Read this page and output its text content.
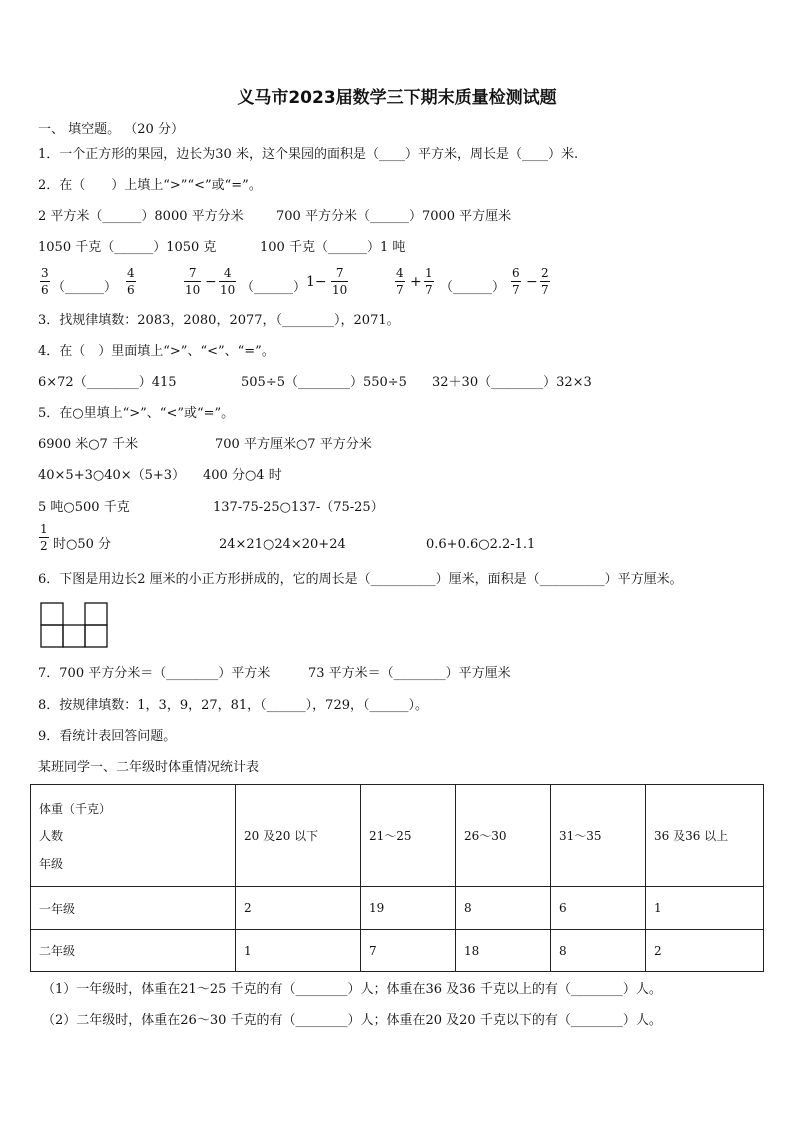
义马市2023届数学三下期末质量检测试题
一、 填空题。 （20 分）
1．一个正方形的果园，边长为30 米，这个果园的面积是（____）平方米，周长是（____）米.
2．在（　　）上填上“>”“<”或“=”。
2 平方米（______）8000 平方分米 700 平方分米（______）7000 平方厘米
1050 千克（______）1050 克	100 千克（______）1 吨
3
6 （______）
4
6
7
10 −
4
10 （______） 1−
7
10
4
7 +
1
7 （______）
6
7 −
2
7
3．找规律填数：2083，2080，2077，（________），2071。
4．在（　）里面填上“>”、“<”、“=”。
6×72（________）415	505÷5（________）550÷5 32＋30（________）32×3
5．在○里填上“>”、“<”或“=”。
6900 米○7 千米	700 平方厘米○7 平方分米
40×5+3○40×（5+3） 400 分○4 时
5 吨○500 千克	137-75-25○137-（75-25）
1
2 时○50 分	24×21○24×20+24	0.6+0.6○2.2-1.1
6．下图是用边长2 厘米的小正方形拼成的，它的周长是（__________）厘米，面积是（__________）平方厘米。
7．700 平方分米＝（________）平方米	73 平方米＝（________）平方厘米
8．按规律填数：1，3，9，27，81，（______），729，（______）。
9．看统计表回答问题。
某班同学一、二年级时体重情况统计表
体重（千克）
人数
年级	20 及20 以下	21～25	26～30	31～35	36 及36 以上
一年级	2	19	8	6	1
二年级	1	7	18	8	2
（1）一年级时，体重在21～25 千克的有（________）人；体重在36 及36 千克以上的有（________）人。
（2）二年级时，体重在26～30 千克的有（________）人；体重在20 及20 千克以下的有（________）人。
